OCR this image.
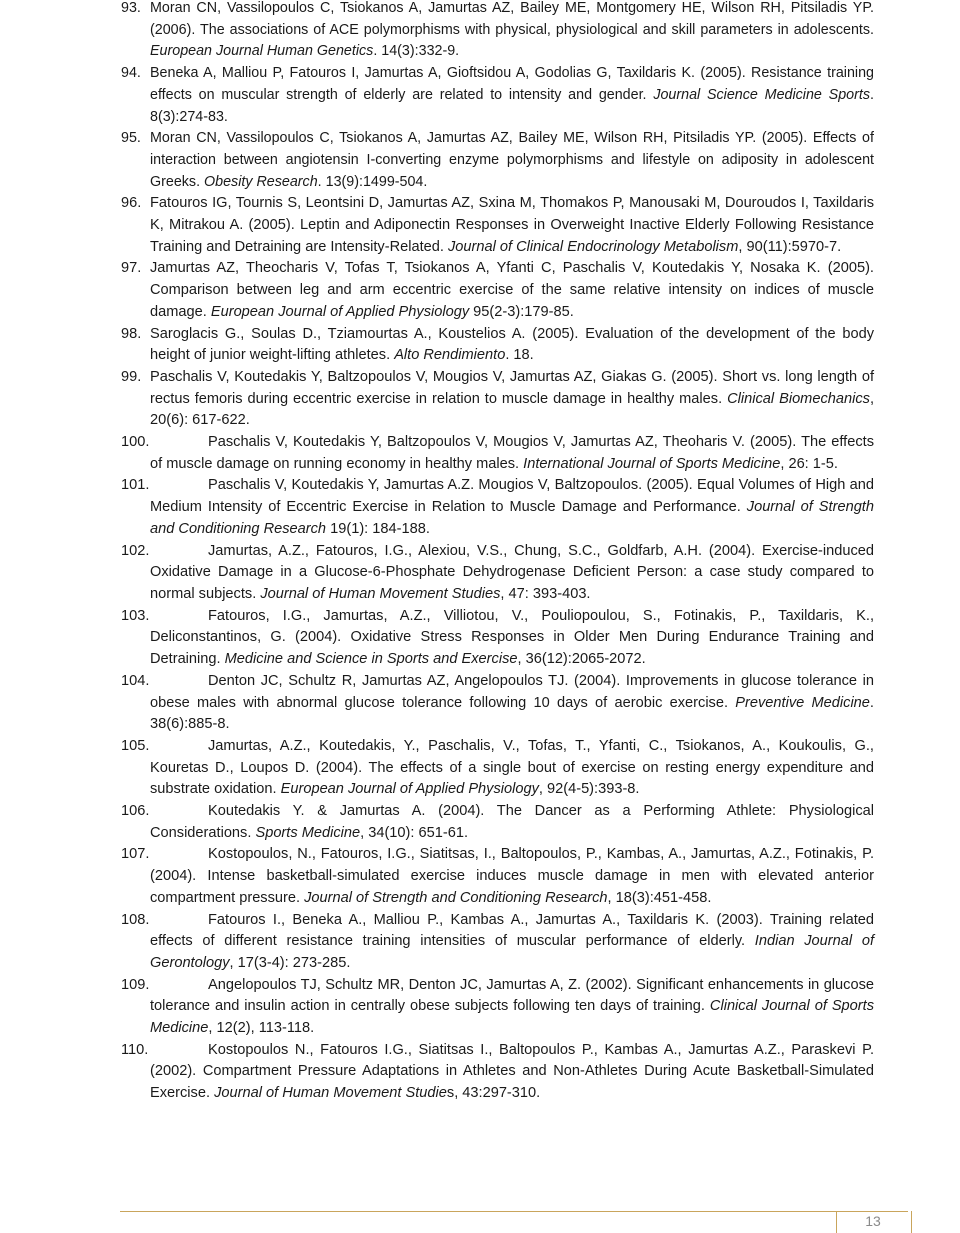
93. Moran CN, Vassilopoulos C, Tsiokanos A, Jamurtas AZ, Bailey ME, Montgomery HE, Wilson RH, Pitsiladis YP. (2006). The associations of ACE polymorphisms with physical, physiological and skill parameters in adolescents. European Journal Human Genetics. 14(3):332-9.
94. Beneka A, Malliou P, Fatouros I, Jamurtas A, Gioftsidou A, Godolias G, Taxildaris K. (2005). Resistance training effects on muscular strength of elderly are related to intensity and gender. Journal Science Medicine Sports. 8(3):274-83.
95. Moran CN, Vassilopoulos C, Tsiokanos A, Jamurtas AZ, Bailey ME, Wilson RH, Pitsiladis YP. (2005). Effects of interaction between angiotensin I-converting enzyme polymorphisms and lifestyle on adiposity in adolescent Greeks. Obesity Research. 13(9):1499-504.
96. Fatouros IG, Tournis S, Leontsini D, Jamurtas AZ, Sxina M, Thomakos P, Manousaki M, Douroudos I, Taxildaris K, Mitrakou A. (2005). Leptin and Adiponectin Responses in Overweight Inactive Elderly Following Resistance Training and Detraining are Intensity-Related. Journal of Clinical Endocrinology Metabolism, 90(11):5970-7.
97. Jamurtas AZ, Theocharis V, Tofas T, Tsiokanos A, Yfanti C, Paschalis V, Koutedakis Y, Nosaka K. (2005). Comparison between leg and arm eccentric exercise of the same relative intensity on indices of muscle damage. European Journal of Applied Physiology 95(2-3):179-85.
98. Saroglacis G., Soulas D., Tziamourtas A., Koustelios A. (2005). Evaluation of the development of the body height of junior weight-lifting athletes. Alto Rendimiento. 18.
99. Paschalis V, Koutedakis Y, Baltzopoulos V, Mougios V, Jamurtas AZ, Giakas G. (2005). Short vs. long length of rectus femoris during eccentric exercise in relation to muscle damage in healthy males. Clinical Biomechanics, 20(6): 617-622.
100.	Paschalis V, Koutedakis Y, Baltzopoulos V, Mougios V, Jamurtas AZ, Theoharis V. (2005). The effects of muscle damage on running economy in healthy males. International Journal of Sports Medicine, 26: 1-5.
101.	Paschalis V, Koutedakis Y, Jamurtas A.Z. Mougios V, Baltzopoulos. (2005). Equal Volumes of High and Medium Intensity of Eccentric Exercise in Relation to Muscle Damage and Performance. Journal of Strength and Conditioning Research 19(1): 184-188.
102.	Jamurtas, A.Z., Fatouros, I.G., Alexiou, V.S., Chung, S.C., Goldfarb, A.H. (2004). Exercise-induced Oxidative Damage in a Glucose-6-Phosphate Dehydrogenase Deficient Person: a case study compared to normal subjects. Journal of Human Movement Studies, 47: 393-403.
103.	Fatouros, I.G., Jamurtas, A.Z., Villiotou, V., Pouliopoulou, S., Fotinakis, P., Taxildaris, K., Deliconstantinos, G. (2004). Oxidative Stress Responses in Older Men During Endurance Training and Detraining. Medicine and Science in Sports and Exercise, 36(12):2065-2072.
104.	Denton JC, Schultz R, Jamurtas AZ, Angelopoulos TJ. (2004). Improvements in glucose tolerance in obese males with abnormal glucose tolerance following 10 days of aerobic exercise. Preventive Medicine. 38(6):885-8.
105.	Jamurtas, A.Z., Koutedakis, Y., Paschalis, V., Tofas, T., Yfanti, C., Tsiokanos, A., Koukoulis, G., Kouretas D., Loupos D. (2004). The effects of a single bout of exercise on resting energy expenditure and substrate oxidation. European Journal of Applied Physiology, 92(4-5):393-8.
106.	Koutedakis Y. & Jamurtas A. (2004). The Dancer as a Performing Athlete: Physiological Considerations. Sports Medicine, 34(10): 651-61.
107.	Kostopoulos, N., Fatouros, I.G., Siatitsas, I., Baltopoulos, P., Kambas, A., Jamurtas, A.Z., Fotinakis, P. (2004). Intense basketball-simulated exercise induces muscle damage in men with elevated anterior compartment pressure. Journal of Strength and Conditioning Research, 18(3):451-458.
108.	Fatouros I., Beneka A., Malliou P., Kambas A., Jamurtas A., Taxildaris K. (2003). Training related effects of different resistance training intensities of muscular performance of elderly. Indian Journal of Gerontology, 17(3-4): 273-285.
109.	Angelopoulos TJ, Schultz MR, Denton JC, Jamurtas A, Z. (2002). Significant enhancements in glucose tolerance and insulin action in centrally obese subjects following ten days of training. Clinical Journal of Sports Medicine, 12(2), 113-118.
110.	Kostopoulos N., Fatouros I.G., Siatitsas I., Baltopoulos P., Kambas A., Jamurtas A.Z., Paraskevi P. (2002). Compartment Pressure Adaptations in Athletes and Non-Athletes During Acute Basketball-Simulated Exercise. Journal of Human Movement Studies, 43:297-310.
13
